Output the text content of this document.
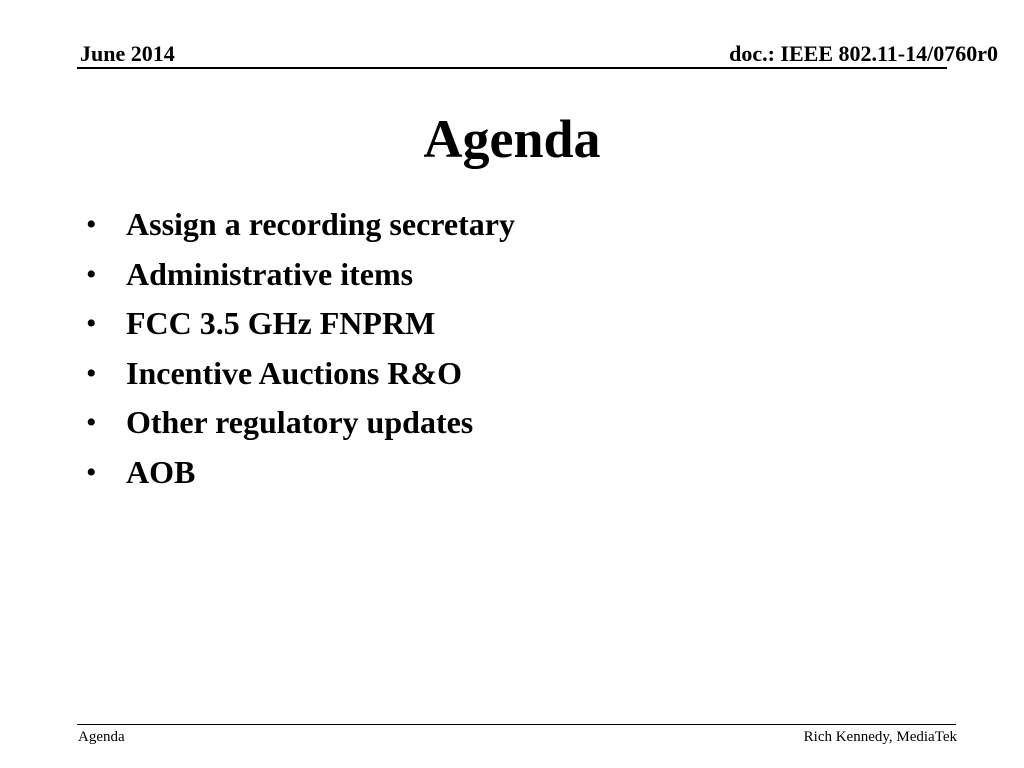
June 2014	doc.: IEEE 802.11-14/0760r0
Agenda
• Assign a recording secretary
• Administrative items
• FCC 3.5 GHz FNPRM
• Incentive Auctions R&O
• Other regulatory updates
• AOB
Agenda	Rich Kennedy, MediaTek
